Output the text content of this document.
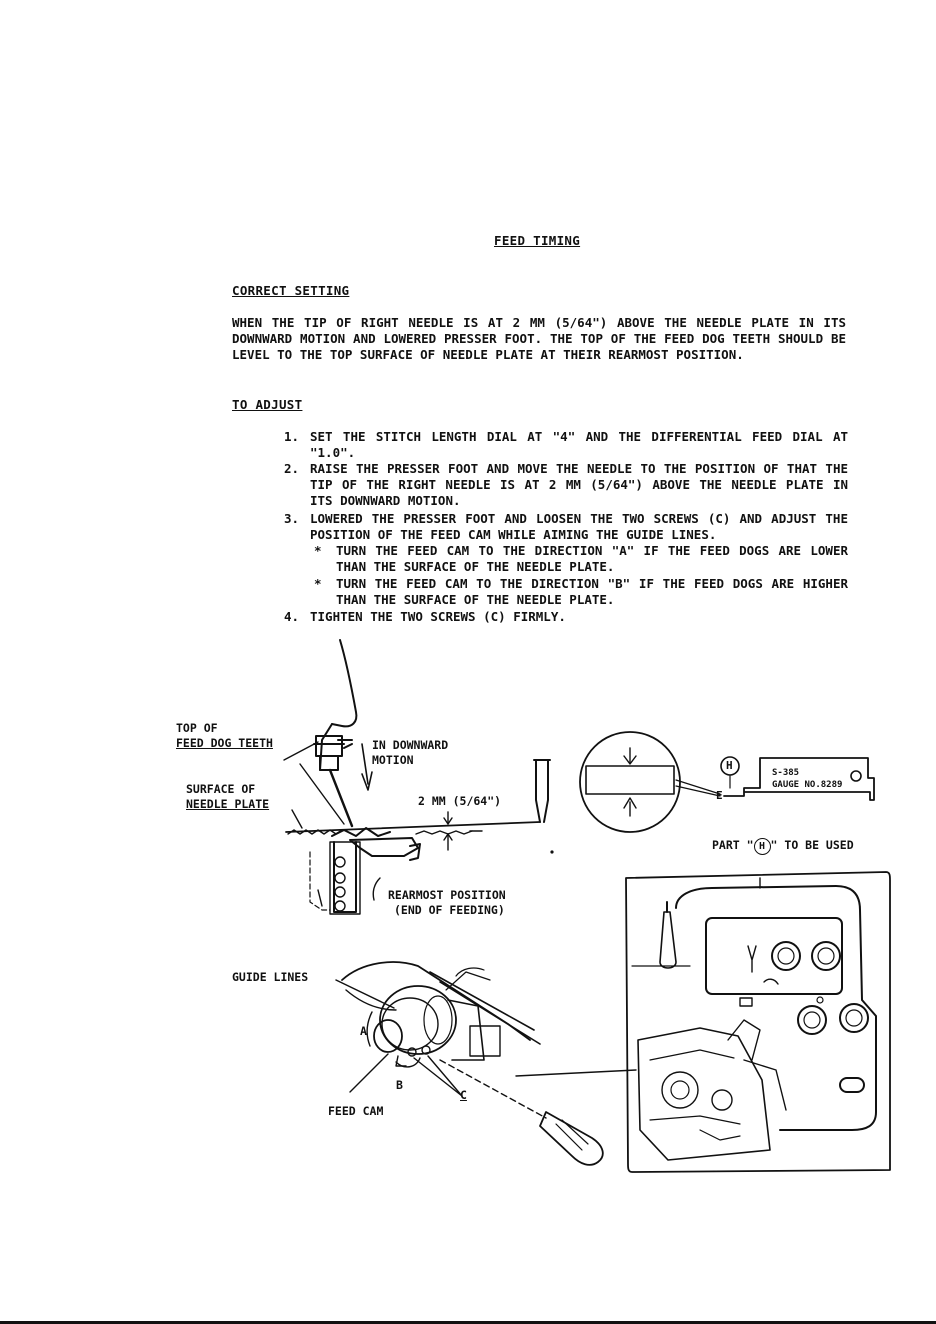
FEED TIMING
CORRECT SETTING
WHEN THE TIP OF RIGHT NEEDLE IS AT 2 MM (5/64") ABOVE THE NEEDLE PLATE IN ITS DOWNWARD MOTION AND LOWERED PRESSER FOOT. THE TOP OF THE FEED DOG TEETH SHOULD BE LEVEL TO THE TOP SURFACE OF NEEDLE PLATE AT THEIR REARMOST POSITION.
TO ADJUST
1. SET THE STITCH LENGTH DIAL AT "4" AND THE DIFFERENTIAL FEED DIAL AT "1.0".
2. RAISE THE PRESSER FOOT AND MOVE THE NEEDLE TO THE POSITION OF THAT THE TIP OF THE RIGHT NEEDLE IS AT 2 MM (5/64") ABOVE THE NEEDLE PLATE IN ITS DOWNWARD MOTION.
3. LOWERED THE PRESSER FOOT AND LOOSEN THE TWO SCREWS (C) AND ADJUST THE POSITION OF THE FEED CAM WHILE AIMING THE GUIDE LINES.
* TURN THE FEED CAM TO THE DIRECTION "A" IF THE FEED DOGS ARE LOWER THAN THE SURFACE OF THE NEEDLE PLATE.
* TURN THE FEED CAM TO THE DIRECTION "B" IF THE FEED DOGS ARE HIGHER THAN THE SURFACE OF THE NEEDLE PLATE.
4. TIGHTEN THE TWO SCREWS (C) FIRMLY.
TOP OF
FEED DOG TEETH
SURFACE OF
NEEDLE PLATE
IN DOWNWARD
MOTION
2 MM (5/64")
REARMOST POSITION
(END OF FEEDING)
S-385
GAUGE NO.8289
E
H
PART " H " TO BE USED
GUIDE LINES
A
B
C
FEED CAM
